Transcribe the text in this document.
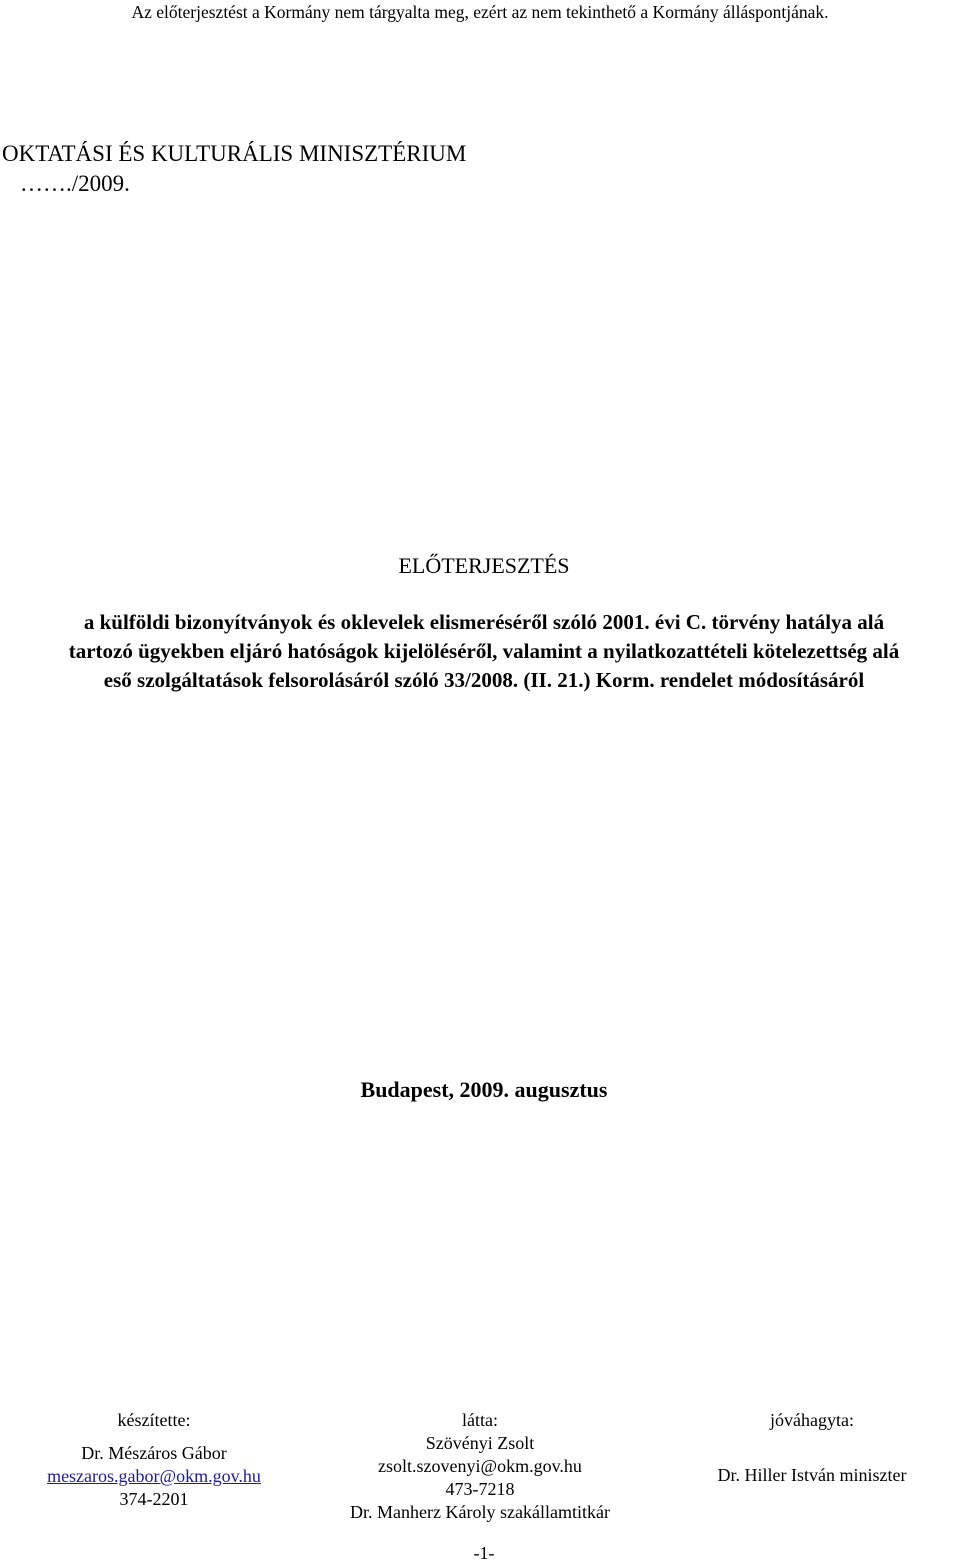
Az előterjesztést a Kormány nem tárgyalta meg, ezért az nem tekinthető a Kormány álláspontjának.
OKTATÁSI ÉS KULTURÁLIS MINISZTÉRIUM
……./2009.
ELŐTERJESZTÉS
a külföldi bizonyítványok és oklevelek elismeréséről szóló 2001. évi C. törvény hatálya alá
tartozó ügyekben eljáró hatóságok kijelöléséről, valamint a nyilatkozattételi kötelezettség alá
eső szolgáltatások felsorolásáról szóló 33/2008. (II. 21.) Korm. rendelet módosításáról
Budapest, 2009. augusztus
készítette:
Dr. Mészáros Gábor
meszaros.gabor@okm.gov.hu
374-2201
látta:
Szövényi Zsolt
zsolt.szovenyi@okm.gov.hu
473-7218
Dr. Manherz Károly szakállamtitkár
jóváhagyta:
Dr. Hiller István miniszter
-1-
